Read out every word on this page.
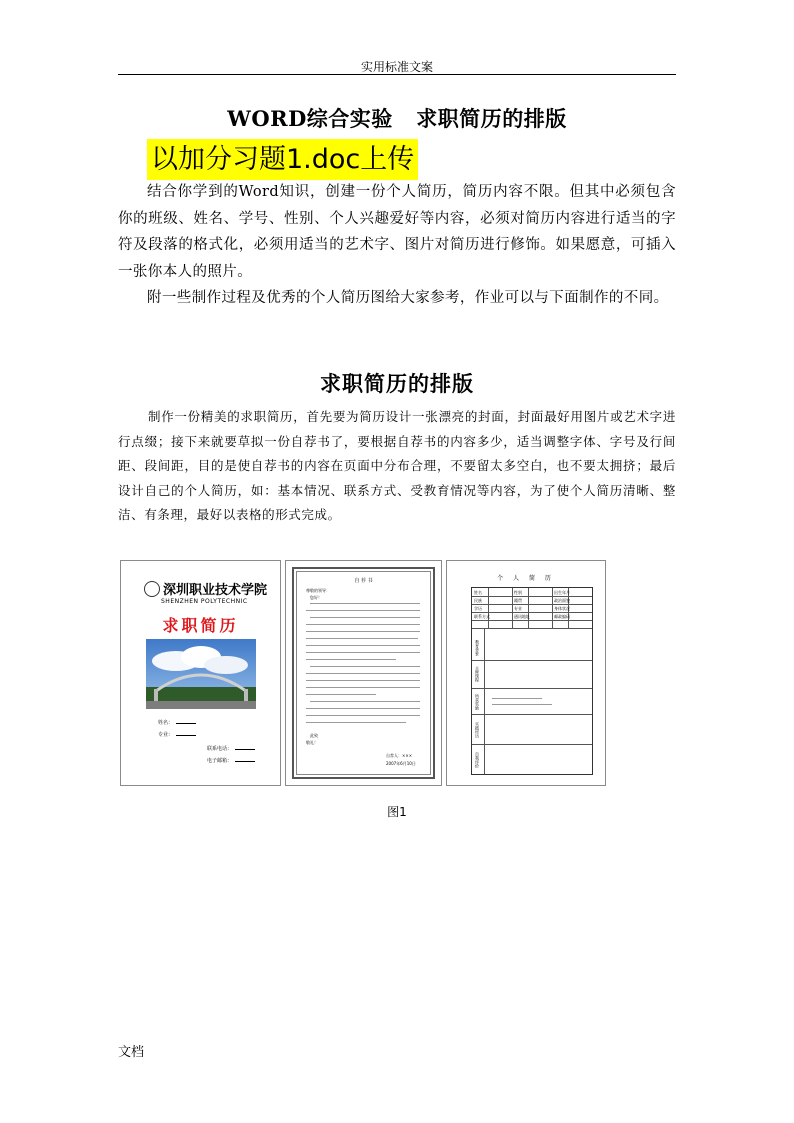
实用标准文案
WORD综合实验   求职简历的排版
以加分习题1.doc上传
结合你学到的Word知识，创建一份个人简历，简历内容不限。但其中必须包含你的班级、姓名、学号、性别、个人兴趣爱好等内容，必须对简历内容进行适当的字符及段落的格式化，必须用适当的艺术字、图片对简历进行修饰。如果愿意，可插入一张你本人的照片。
附一些制作过程及优秀的个人简历图给大家参考，作业可以与下面制作的不同。
求职简历的排版
制作一份精美的求职简历，首先要为简历设计一张漂亮的封面，封面最好用图片或艺术字进行点缀；接下来就要草拟一份自荐书了，要根据自荐书的内容多少，适当调整字体、字号及行间距、段间距，目的是使自荐书的内容在页面中分布合理，不要留太多空白，也不要太拥挤；最后设计自己的个人简历，如：基本情况、联系方式、受教育情况等内容，为了使个人简历清晰、整洁、有条理，最好以表格的形式完成。
深圳职业技术学院
SHENZHEN POLYTECHNIC
求职简历
姓名：
专业：
联系电话：
电子邮箱：
自 荐 书
尊敬的领导：
您好！
此致
敬礼！
自荐人：×××
2007年6月10日
个 人 简 历
姓名	性别	出生年月
民族	籍贯	政治面貌
学历	专业	身体状况
联系方式	通讯地址	邮政编码
教育背景
主修课程
所获奖励
实践经历
自我评价
图1
文档
